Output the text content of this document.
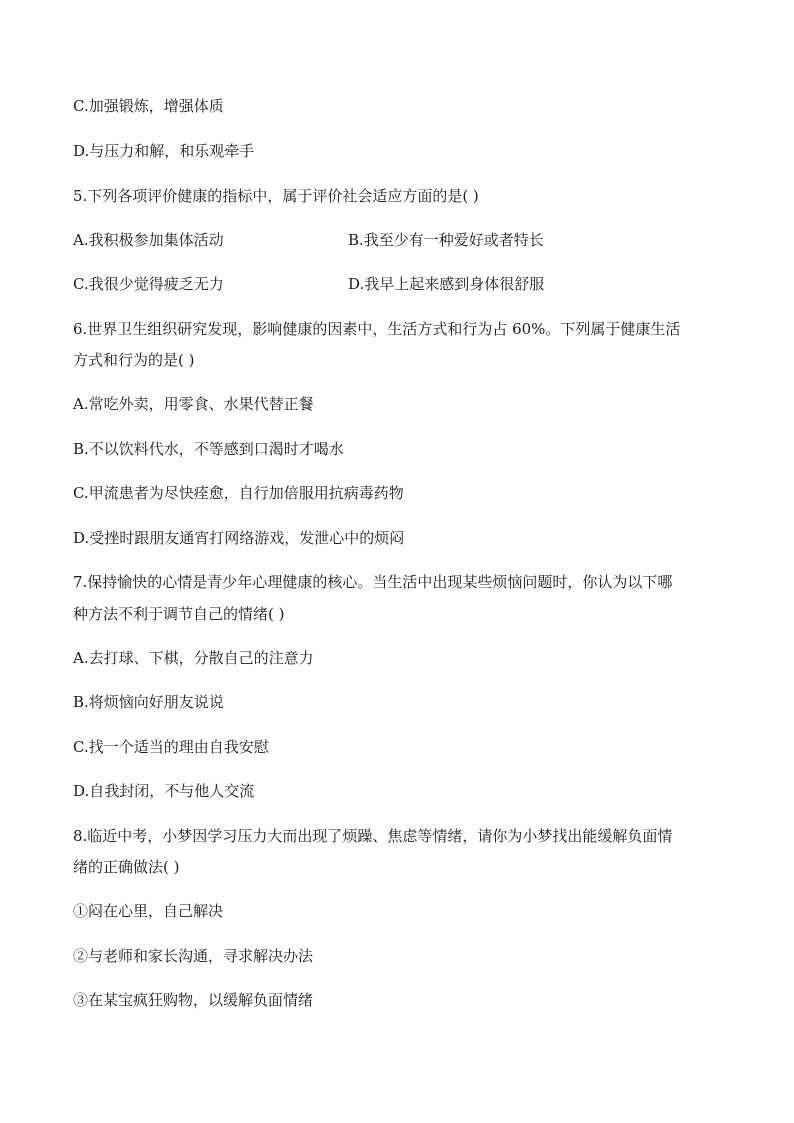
C.加强锻炼，增强体质
D.与压力和解，和乐观牵手
5.下列各项评价健康的指标中，属于评价社会适应方面的是( )
A.我积极参加集体活动	B.我至少有一种爱好或者特长
C.我很少觉得疲乏无力	D.我早上起来感到身体很舒服
6.世界卫生组织研究发现，影响健康的因素中，生活方式和行为占 60%。下列属于健康生活
方式和行为的是( )
A.常吃外卖，用零食、水果代替正餐
B.不以饮料代水，不等感到口渴时才喝水
C.甲流患者为尽快痊愈，自行加倍服用抗病毒药物
D.受挫时跟朋友通宵打网络游戏，发泄心中的烦闷
7.保持愉快的心情是青少年心理健康的核心。当生活中出现某些烦恼问题时，你认为以下哪
种方法不利于调节自己的情绪( )
A.去打球、下棋，分散自己的注意力
B.将烦恼向好朋友说说
C.找一个适当的理由自我安慰
D.自我封闭，不与他人交流
8.临近中考，小梦因学习压力大而出现了烦躁、焦虑等情绪，请你为小梦找出能缓解负面情
绪的正确做法( )
①闷在心里，自己解决
②与老师和家长沟通，寻求解决办法
③在某宝疯狂购物，以缓解负面情绪
